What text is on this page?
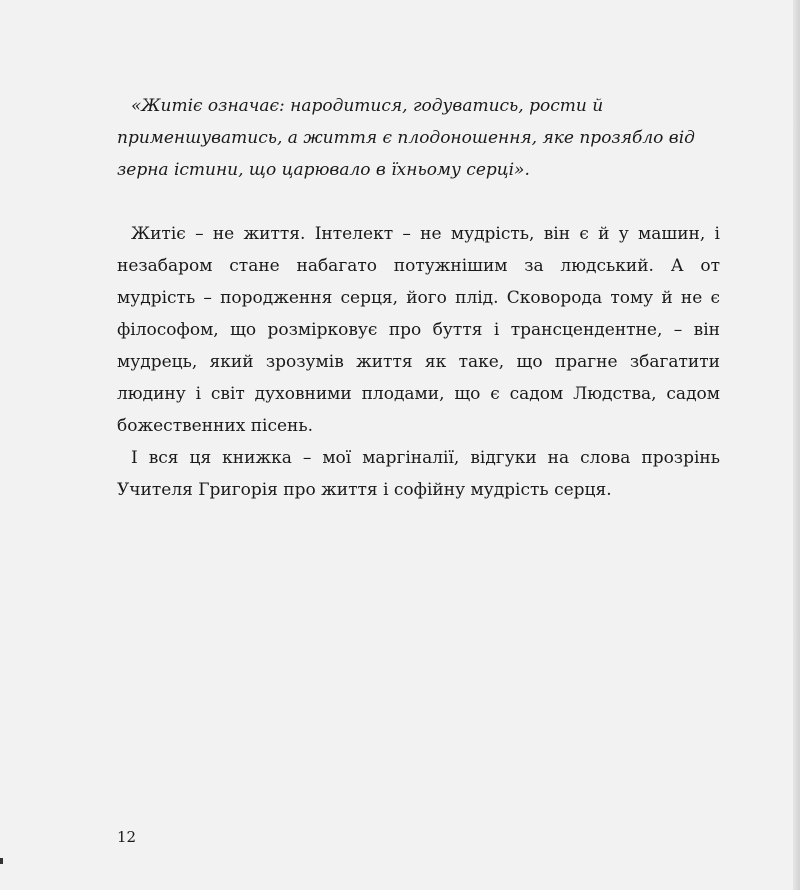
«Житіє означає: народитися, годуватись, рости й применшуватись, а життя є плодоношення, яке прозябло від зерна істини, що царювало в їхньому серці».

Житіє – не життя. Інтелект – не мудрість, він є й у машин, і незабаром стане набагато потужнішим за людський. А от мудрість – породження серця, його плід. Сковорода тому й не є філософом, що розмірковує про буття і трансцендентне, – він мудрець, який зрозумів життя як таке, що прагне збагатити людину і світ духовними плодами, що є садом Людства, садом божественних пісень.

І вся ця книжка – мої маргіналії, відгуки на слова прозрінь Учителя Григорія про життя і софійну мудрість серця.

12
